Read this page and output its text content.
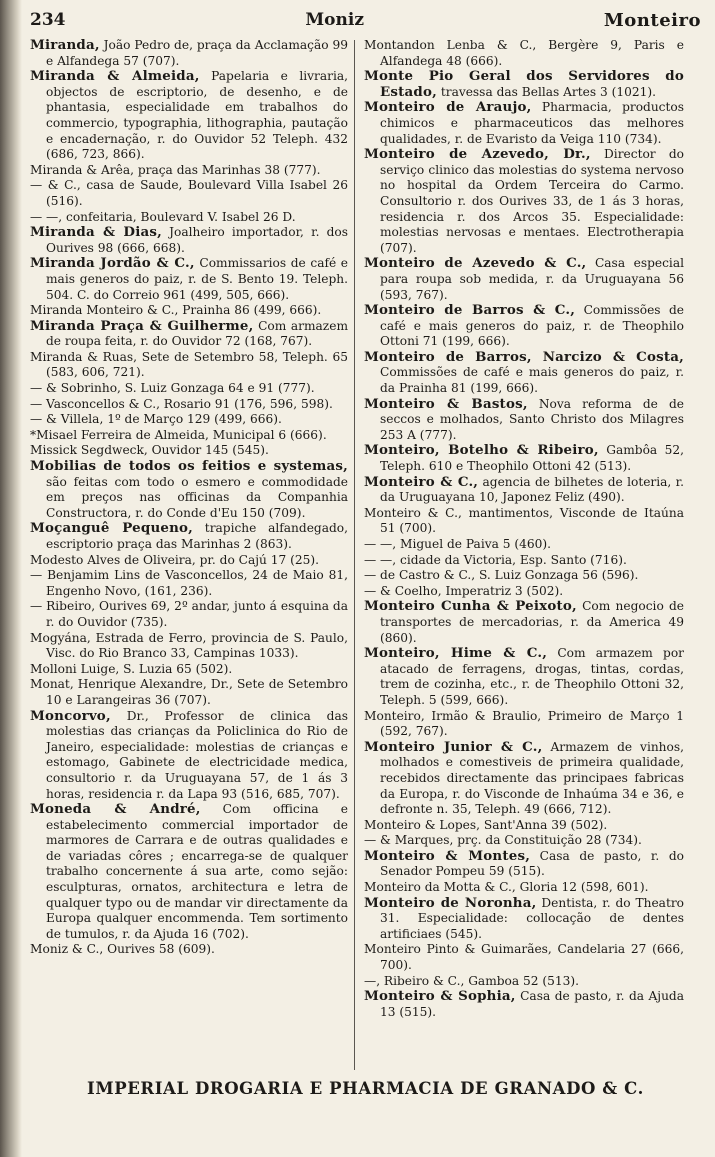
234	Moniz	Monteiro

Miranda, João Pedro de, praça da Acclamação 99 e Alfandega 57 (707).

Miranda & Almeida, Papelaria e livraria, objectos de escriptorio, de desenho, e de phantasia, especialidade em trabalhos do commercio, typographia, lithographia, pautação e encadernação, r. do Ouvidor 52 Teleph. 432 (686, 723, 866).

Miranda & Arêa, praça das Marinhas 38 (777).

— & C., casa de Saude, Boulevard Villa Isabel 26 (516).

— —, confeitaria, Boulevard V. Isabel 26 D.

Miranda & Dias, Joalheiro importador, r. dos Ourives 98 (666, 668).

Miranda Jordão & C., Commissarios de café e mais generos do paiz, r. de S. Bento 19. Teleph. 504. C. do Correio 961 (499, 505, 666).

Miranda Monteiro & C., Prainha 86 (499, 666).

Miranda Praça & Guilherme, Com armazem de roupa feita, r. do Ouvidor 72 (168, 767).

Miranda & Ruas, Sete de Setembro 58, Teleph. 65 (583, 606, 721).

— & Sobrinho, S. Luiz Gonzaga 64 e 91 (777).

— Vasconcellos & C., Rosario 91 (176, 596, 598).

— & Villela, 1º de Março 129 (499, 666).

*Misael Ferreira de Almeida, Municipal 6 (666).

Missick Segdweck, Ouvidor 145 (545).

Mobilias de todos os feitios e systemas, são feitas com todo o esmero e commodidade em preços nas officinas da Companhia Constructora, r. do Conde d'Eu 150 (709).

Moçanguê Pequeno, trapiche alfandegado, escriptorio praça das Marinhas 2 (863).

Modesto Alves de Oliveira, pr. do Cajú 17 (25).

— Benjamim Lins de Vasconcellos, 24 de Maio 81, Engenho Novo, (161, 236).

— Ribeiro, Ourives 69, 2º andar, junto á esquina da r. do Ouvidor (735).

Mogyána, Estrada de Ferro, provincia de S. Paulo, Visc. do Rio Branco 33, Campinas 1033).

Molloni Luige, S. Luzia 65 (502).

Monat, Henrique Alexandre, Dr., Sete de Setembro 10 e Larangeiras 36 (707).

Moncorvo, Dr., Professor de clinica das molestias das crianças da Policlinica do Rio de Janeiro, especialidade: molestias de crianças e estomago, Gabinete de electricidade medica, consultorio r. da Uruguayana 57, de 1 ás 3 horas, residencia r. da Lapa 93 (516, 685, 707).

Moneda & André, Com officina e estabelecimento commercial importador de marmores de Carrara e de outras qualidades e de variadas côres ; encarrega-se de qualquer trabalho concernente á sua arte, como sejão: esculpturas, ornatos, architectura e letra de qualquer typo ou de mandar vir directamente da Europa qualquer encommenda. Tem sortimento de tumulos, r. da Ajuda 16 (702).

Moniz & C., Ourives 58 (609).

Montandon Lenba & C., Bergère 9, Paris e Alfandega 48 (666).

Monte Pio Geral dos Servidores do Estado, travessa das Bellas Artes 3 (1021).

Monteiro de Araujo, Pharmacia, productos chimicos e pharmaceuticos das melhores qualidades, r. de Evaristo da Veiga 110 (734).

Monteiro de Azevedo, Dr., Director do serviço clinico das molestias do systema nervoso no hospital da Ordem Terceira do Carmo. Consultorio r. dos Ourives 33, de 1 ás 3 horas, residencia r. dos Arcos 35. Especialidade: molestias nervosas e mentaes. Electrotherapia (707).

Monteiro de Azevedo & C., Casa especial para roupa sob medida, r. da Uruguayana 56 (593, 767).

Monteiro de Barros & C., Commissões de café e mais generos do paiz, r. de Theophilo Ottoni 71 (199, 666).

Monteiro de Barros, Narcizo & Costa, Commissões de café e mais generos do paiz, r. da Prainha 81 (199, 666).

Monteiro & Bastos, Nova reforma de de seccos e molhados, Santo Christo dos Milagres 253 A (777).

Monteiro, Botelho & Ribeiro, Gambôa 52, Teleph. 610 e Theophilo Ottoni 42 (513).

Monteiro & C., agencia de bilhetes de loteria, r. da Uruguayana 10, Japonez Feliz (490).

Monteiro & C., mantimentos, Visconde de Itaúna 51 (700).

— —, Miguel de Paiva 5 (460).

— —, cidade da Victoria, Esp. Santo (716).

— de Castro & C., S. Luiz Gonzaga 56 (596).

— & Coelho, Imperatriz 3 (502).

Monteiro Cunha & Peixoto, Com negocio de transportes de mercadorias, r. da America 49 (860).

Monteiro, Hime & C., Com armazem por atacado de ferragens, drogas, tintas, cordas, trem de cozinha, etc., r. de Theophilo Ottoni 32, Teleph. 5 (599, 666).

Monteiro, Irmão & Braulio, Primeiro de Março 1 (592, 767).

Monteiro Junior & C., Armazem de vinhos, molhados e comestiveis de primeira qualidade, recebidos directamente das principaes fabricas da Europa, r. do Visconde de Inhaúma 34 e 36, e defronte n. 35, Teleph. 49 (666, 712).

Monteiro & Lopes, Sant'Anna 39 (502).

— & Marques, prç. da Constituição 28 (734).

Monteiro & Montes, Casa de pasto, r. do Senador Pompeu 59 (515).

Monteiro da Motta & C., Gloria 12 (598, 601).

Monteiro de Noronha, Dentista, r. do Theatro 31. Especialidade: collocação de dentes artificiaes (545).

Monteiro Pinto & Guimarães, Candelaria 27 (666, 700).

—, Ribeiro & C., Gamboa 52 (513).

Monteiro & Sophia, Casa de pasto, r. da Ajuda 13 (515).

IMPERIAL DROGARIA E PHARMACIA DE GRANADO & C.
